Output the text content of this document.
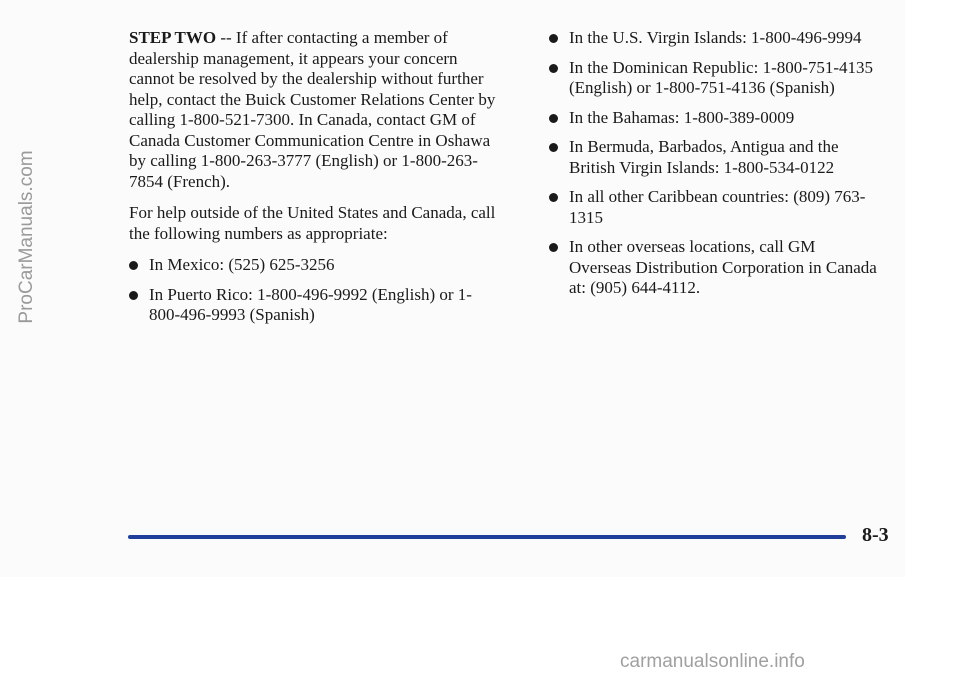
ProCarManuals.com

STEP TWO -- If after contacting a member of dealership management, it appears your concern cannot be resolved by the dealership without further help, contact the Buick Customer Relations Center by calling 1-800-521-7300. In Canada, contact GM of Canada Customer Communication Centre in Oshawa by calling 1-800-263-3777 (English) or 1-800-263-7854 (French).

For help outside of the United States and Canada, call the following numbers as appropriate:

In Mexico: (525) 625-3256
In Puerto Rico: 1-800-496-9992 (English) or 1-800-496-9993 (Spanish)
In the U.S. Virgin Islands: 1-800-496-9994
In the Dominican Republic: 1-800-751-4135 (English) or 1-800-751-4136 (Spanish)
In the Bahamas: 1-800-389-0009
In Bermuda, Barbados, Antigua and the British Virgin Islands: 1-800-534-0122
In all other Caribbean countries: (809) 763-1315
In other overseas locations, call GM Overseas Distribution Corporation in Canada at: (905) 644-4112.
8-3
carmanualsonline.info
